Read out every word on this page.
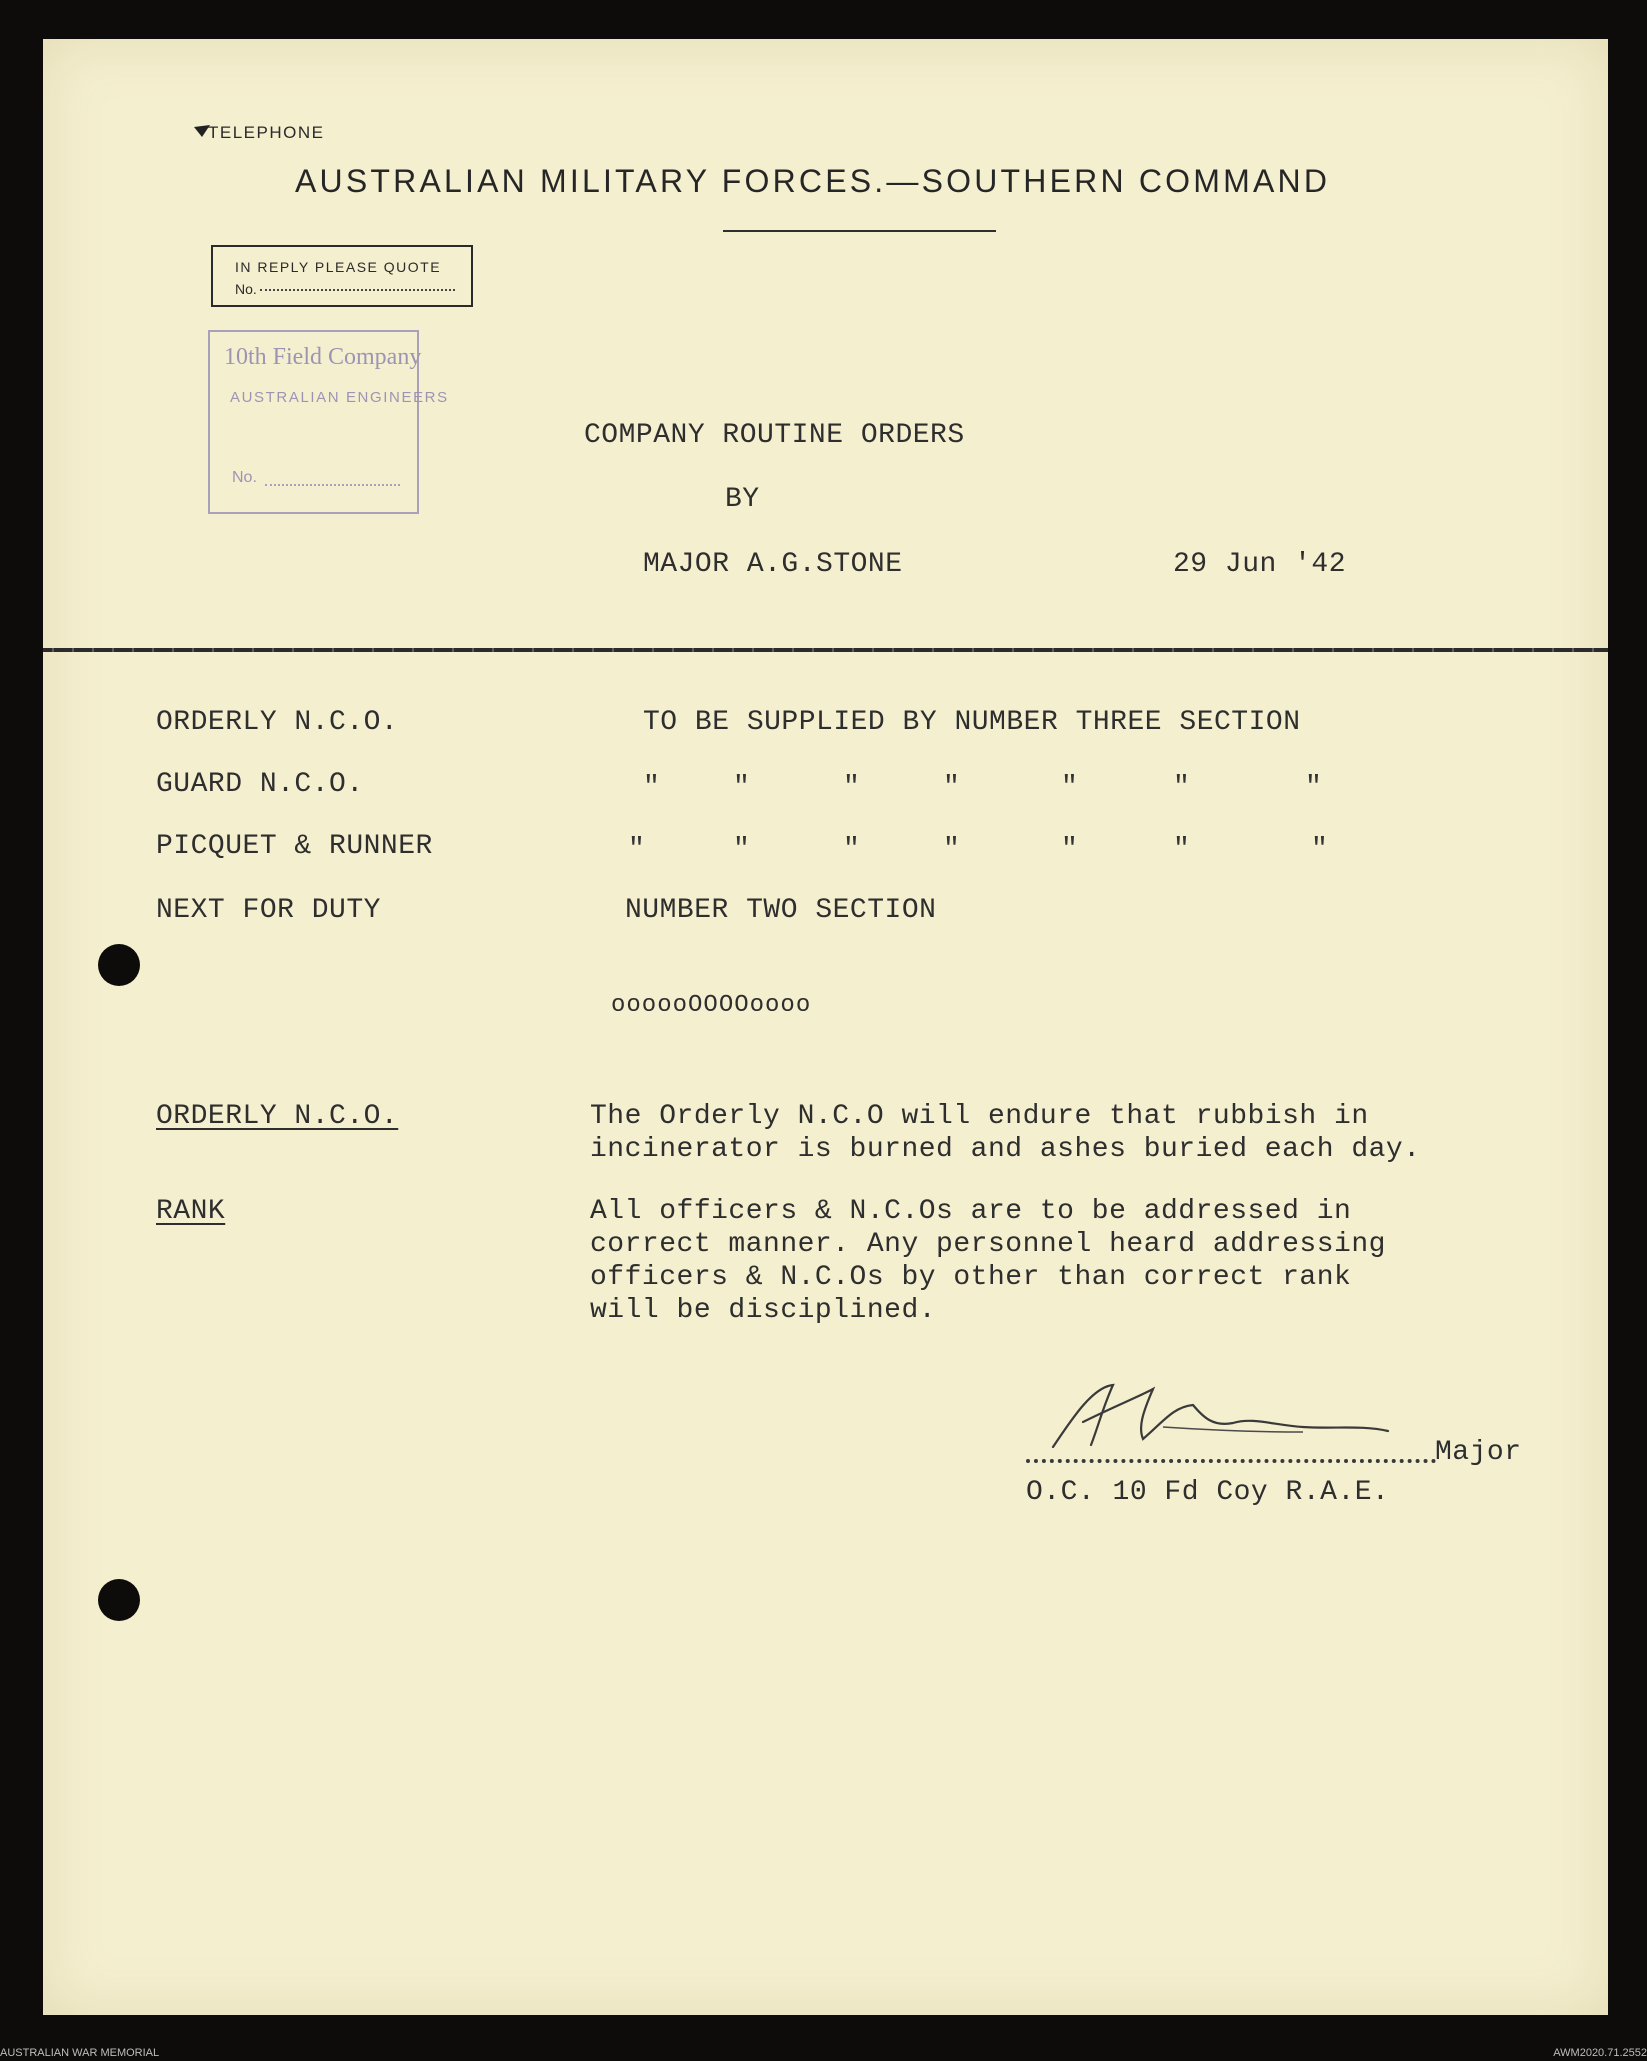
TELEPHONE
AUSTRALIAN MILITARY FORCES.—SOUTHERN COMMAND
IN REPLY PLEASE QUOTE
No.
10th Field Company
AUSTRALIAN ENGINEERS
No.
COMPANY ROUTINE ORDERS
BY
MAJOR A.G.STONE	29 Jun '42
ORDERLY N.C.O.	TO BE SUPPLIED BY NUMBER THREE SECTION
GUARD N.C.O.	"	"	"	"	"	"	"
PICQUET & RUNNER	"	"	"	"	"	"	"
NEXT FOR DUTY	NUMBER TWO SECTION
oooooOOOOoooo
ORDERLY N.C.O.	The Orderly N.C.O will endure that rubbish in
incinerator is burned and ashes buried each day.
RANK	All officers & N.C.Os are to be addressed in
correct manner. Any personnel heard addressing
officers & N.C.Os by other than correct rank
will be disciplined.
Major
O.C. 10 Fd Coy R.A.E.
AUSTRALIAN WAR MEMORIAL	AWM2020.71.2552
